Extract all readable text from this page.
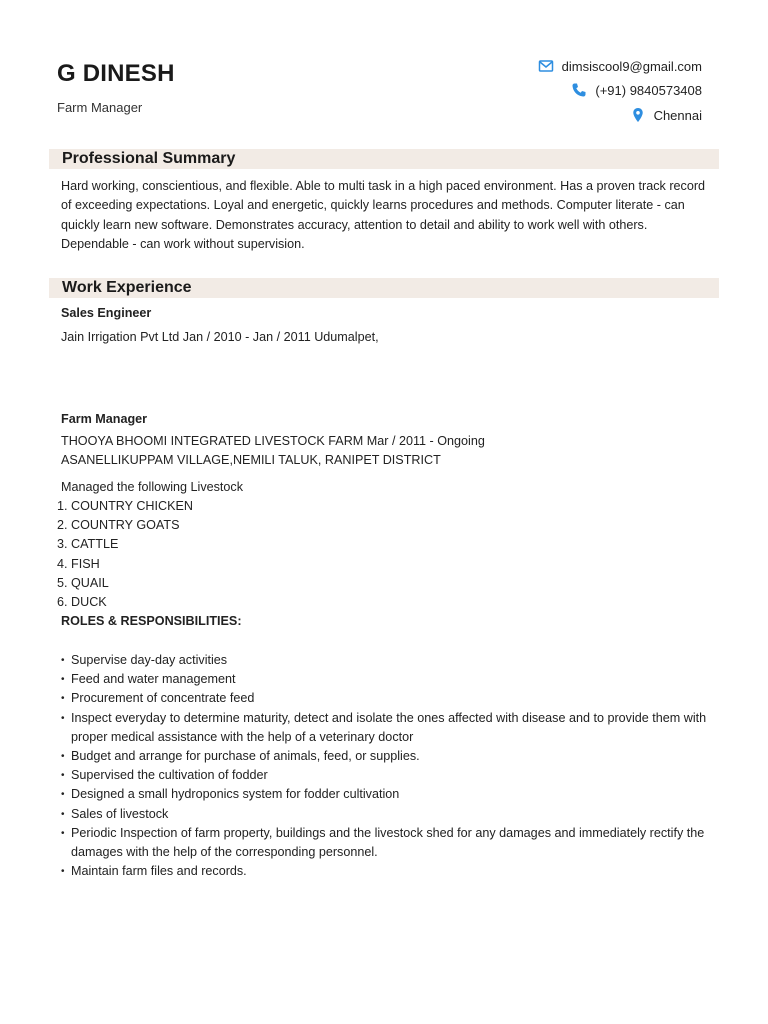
G DINESH
Farm Manager
dimsiscool9@gmail.com
(+91) 9840573408
Chennai
Professional Summary
Hard working, conscientious, and flexible. Able to multi task in a high paced environment. Has a proven track record of exceeding expectations. Loyal and energetic, quickly learns procedures and methods. Computer literate - can quickly learn new software. Demonstrates accuracy, attention to detail and ability to work well with others. Dependable - can work without supervision.
Work Experience
Sales Engineer
Jain Irrigation Pvt Ltd Jan / 2010 - Jan / 2011 Udumalpet,
Farm Manager
THOOYA BHOOMI INTEGRATED LIVESTOCK FARM Mar / 2011 - Ongoing
ASANELLIKUPPAM VILLAGE,NEMILI TALUK, RANIPET DISTRICT
Managed the following Livestock
1. COUNTRY CHICKEN
2. COUNTRY GOATS
3. CATTLE
4. FISH
5. QUAIL
6. DUCK
ROLES & RESPONSIBILITIES:
• Supervise day-day activities
• Feed and water management
• Procurement of concentrate feed
• Inspect everyday to determine maturity, detect and isolate the ones affected with disease and to provide them with proper medical assistance with the help of a veterinary doctor
• Budget and arrange for purchase of animals, feed, or supplies.
• Supervised the cultivation of fodder
• Designed a small hydroponics system for fodder cultivation
• Sales of livestock
• Periodic Inspection of farm property, buildings and the livestock shed for any damages and immediately rectify the damages with the help of the corresponding personnel.
• Maintain farm files and records.
